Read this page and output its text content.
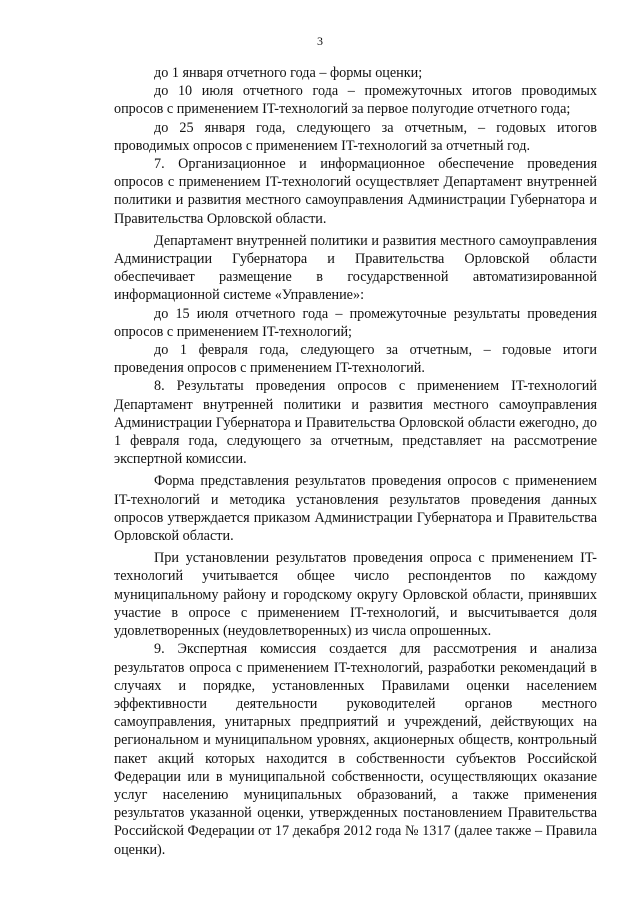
3

до 1 января отчетного года – формы оценки;

до 10 июля отчетного года – промежуточных итогов проводимых опросов с применением IT-технологий за первое полугодие отчетного года;

до 25 января года, следующего за отчетным, – годовых итогов проводимых опросов с применением IT-технологий за отчетный год.

7. Организационное и информационное обеспечение проведения опросов с применением IT-технологий осуществляет Департамент внутренней политики и развития местного самоуправления Администрации Губернатора и Правительства Орловской области.

Департамент внутренней политики и развития местного самоуправления Администрации Губернатора и Правительства Орловской области обеспечивает размещение в государственной автоматизированной информационной системе «Управление»:

до 15 июля отчетного года – промежуточные результаты проведения опросов с применением IT-технологий;

до 1 февраля года, следующего за отчетным, – годовые итоги проведения опросов с применением IT-технологий.

8. Результаты проведения опросов с применением IT-технологий Департамент внутренней политики и развития местного самоуправления Администрации Губернатора и Правительства Орловской области ежегодно, до 1 февраля года, следующего за отчетным, представляет на рассмотрение экспертной комиссии.

Форма представления результатов проведения опросов с применением IT-технологий и методика установления результатов проведения данных опросов утверждается приказом Администрации Губернатора и Правительства Орловской области.

При установлении результатов проведения опроса с применением IT-технологий учитывается общее число респондентов по каждому муниципальному району и городскому округу Орловской области, принявших участие в опросе с применением IT-технологий, и высчитывается доля удовлетворенных (неудовлетворенных) из числа опрошенных.

9. Экспертная комиссия создается для рассмотрения и анализа результатов опроса с применением IT-технологий, разработки рекомендаций в случаях и порядке, установленных Правилами оценки населением эффективности деятельности руководителей органов местного самоуправления, унитарных предприятий и учреждений, действующих на региональном и муниципальном уровнях, акционерных обществ, контрольный пакет акций которых находится в собственности субъектов Российской Федерации или в муниципальной собственности, осуществляющих оказание услуг населению муниципальных образований, а также применения результатов указанной оценки, утвержденных постановлением Правительства Российской Федерации от 17 декабря 2012 года № 1317 (далее также – Правила оценки).
